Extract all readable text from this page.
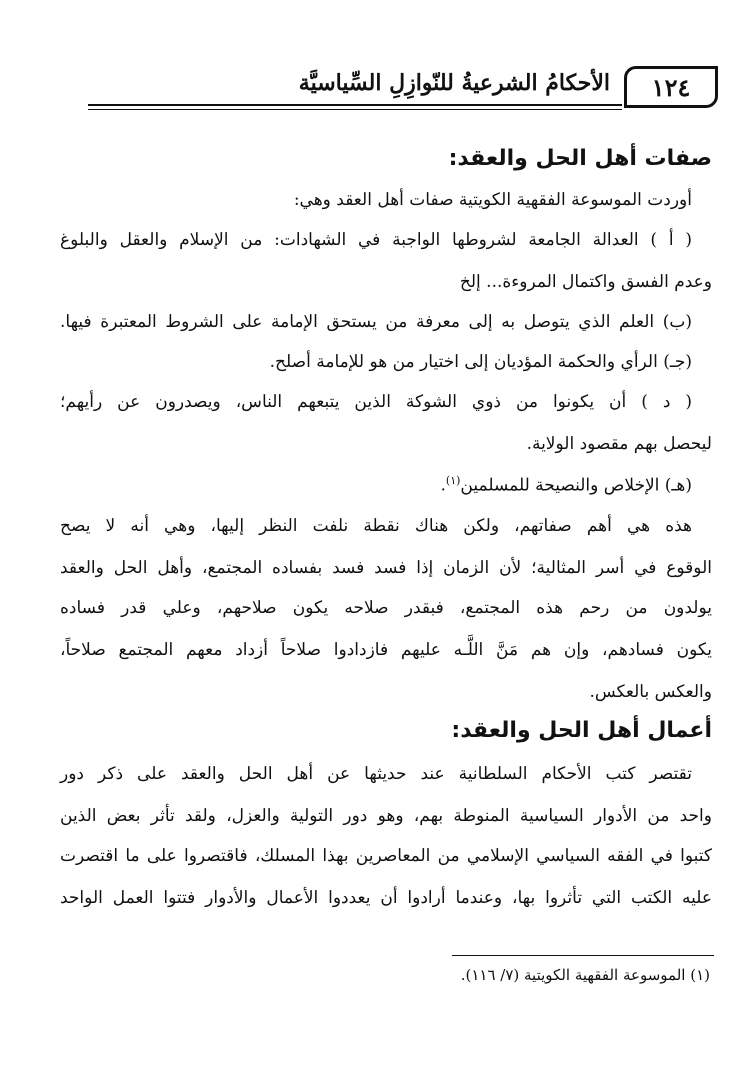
الأحكامُ الشرعيةُ للنّوازِلِ السِّياسيَّة	١٢٤
صفات أهل الحل والعقد:
أوردت الموسوعة الفقهية الكويتية صفات أهل العقد وهي:
( أ ) العدالة الجامعة لشروطها الواجبة في الشهادات: من الإسلام والعقل والبلوغ
وعدم الفسق واكتمال المروءة... إلخ
(ب) العلم الذي يتوصل به إلى معرفة من يستحق الإمامة على الشروط المعتبرة فيها.
(جـ) الرأي والحكمة المؤديان إلى اختيار من هو للإمامة أصلح.
( د ) أن يكونوا من ذوي الشوكة الذين يتبعهم الناس، ويصدرون عن رأيهم؛
ليحصل بهم مقصود الولاية.
(هـ) الإخلاص والنصيحة للمسلمين$^{(١)}$.
هذه هي أهم صفاتهم، ولكن هناك نقطة نلفت النظر إليها، وهي أنه لا يصح
الوقوع في أسر المثالية؛ لأن الزمان إذا فسد فسد بفساده المجتمع، وأهل الحل والعقد
يولدون من رحم هذه المجتمع، فبقدر صلاحه يكون صلاحهم، وعلي قدر فساده
يكون فسادهم، وإن هم مَنَّ اللَّـه عليهم فازدادوا صلاحاً أزداد معهم المجتمع صلاحاً،
والعكس بالعكس.
أعمال أهل الحل والعقد:
تقتصر كتب الأحكام السلطانية عند حديثها عن أهل الحل والعقد على ذكر دور
واحد من الأدوار السياسية المنوطة بهم، وهو دور التولية والعزل، ولقد تأثر بعض الذين
كتبوا في الفقه السياسي الإسلامي من المعاصرين بهذا المسلك، فاقتصروا على ما اقتصرت
عليه الكتب التي تأثروا بها، وعندما أرادوا أن يعددوا الأعمال والأدوار فتتوا العمل الواحد
(١) الموسوعة الفقهية الكويتية (٧/ ١١٦).
